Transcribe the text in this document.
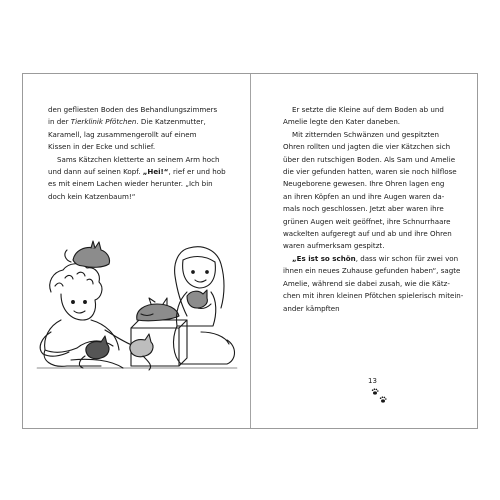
den gefliesten Boden des Behandlungszimmers

in der Tierklinik Pfötchen. Die Katzenmutter,

Karamell, lag zusammengerollt auf einem

Kissen in der Ecke und schlief.

Sams Kätzchen kletterte an seinem Arm hoch

und dann auf seinen Kopf. „Hei!“, rief er und hob

es mit einem Lachen wieder herunter. „Ich bin

doch kein Katzenbaum!“

Er setzte die Kleine auf dem Boden ab und

Amelie legte den Kater daneben.

Mit zitternden Schwänzen und gespitzten

Ohren rollten und jagten die vier Kätzchen sich

über den rutschigen Boden. Als Sam und Amelie

die vier gefunden hatten, waren sie noch hilflose

Neugeborene gewesen. Ihre Ohren lagen eng

an ihren Köpfen an und ihre Augen waren da-

mals noch geschlossen. Jetzt aber waren ihre

grünen Augen weit geöffnet, ihre Schnurrhaare

wackelten aufgeregt auf und ab und ihre Ohren

waren aufmerksam gespitzt.

„Es ist so schön, dass wir schon für zwei von

ihnen ein neues Zuhause gefunden haben“, sagte

Amelie, während sie dabei zusah, wie die Kätz-

chen mit ihren kleinen Pfötchen spielerisch mitein-

ander kämpften

13
